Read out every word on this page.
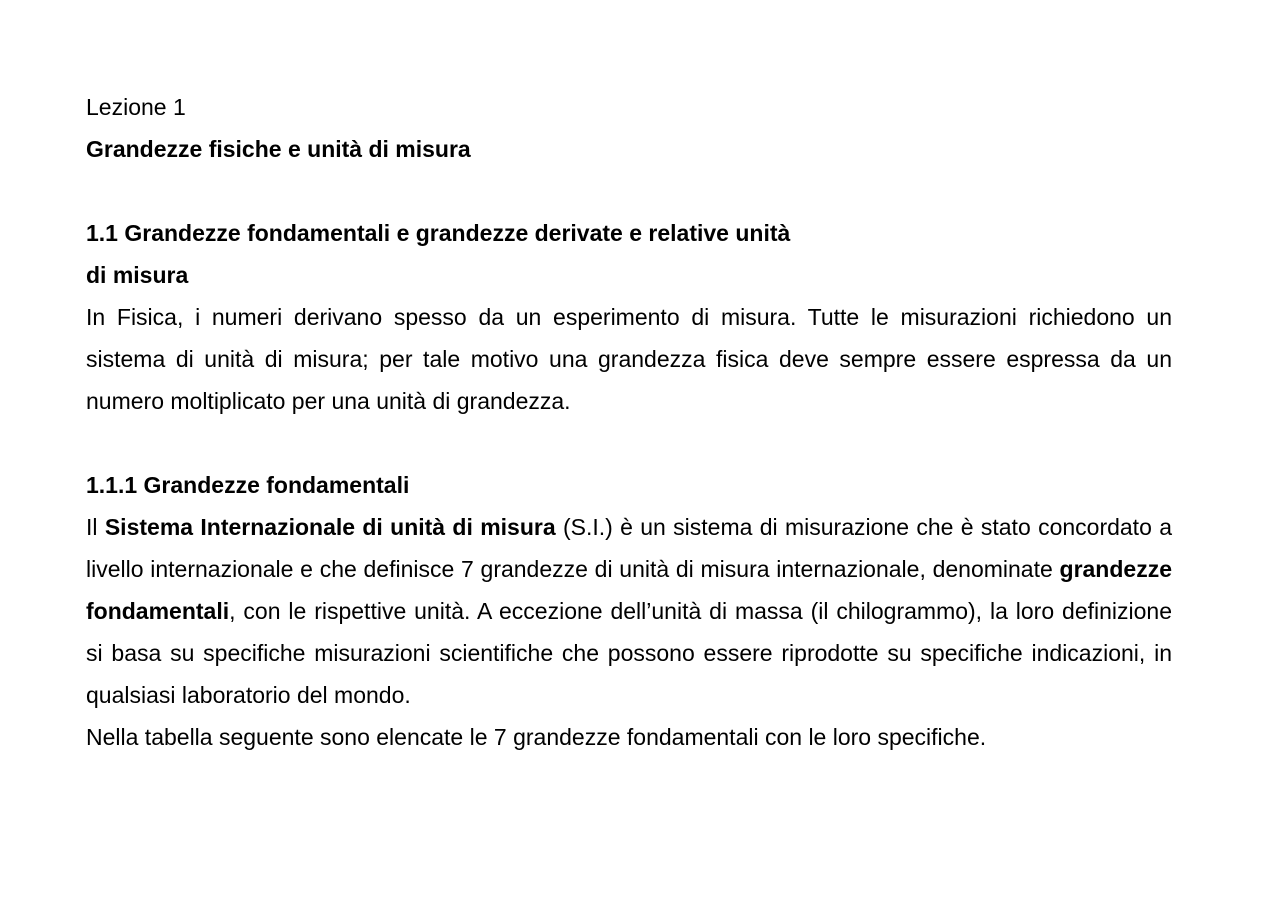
Lezione 1
Grandezze fisiche e unità di misura
1.1 Grandezze fondamentali e grandezze derivate e relative unità
di misura

In Fisica, i numeri derivano spesso da un esperimento di misura. Tutte le misurazioni richiedono un sistema di unità di misura; per tale motivo una grandezza fisica deve sempre essere espressa da un numero moltiplicato per una unità di grandezza.

1.1.1 Grandezze fondamentali

Il Sistema Internazionale di unità di misura (S.I.) è un sistema di misurazione che è stato concordato a livello internazionale e che definisce 7 grandezze di unità di misura internazionale, denominate grandezze fondamentali, con le rispettive unità. A eccezione dell’unità di massa (il chilogrammo), la loro definizione si basa su specifiche misurazioni scientifiche che possono essere riprodotte su specifiche indicazioni, in qualsiasi laboratorio del mondo.

Nella tabella seguente sono elencate le 7 grandezze fondamentali con le loro specifiche.
